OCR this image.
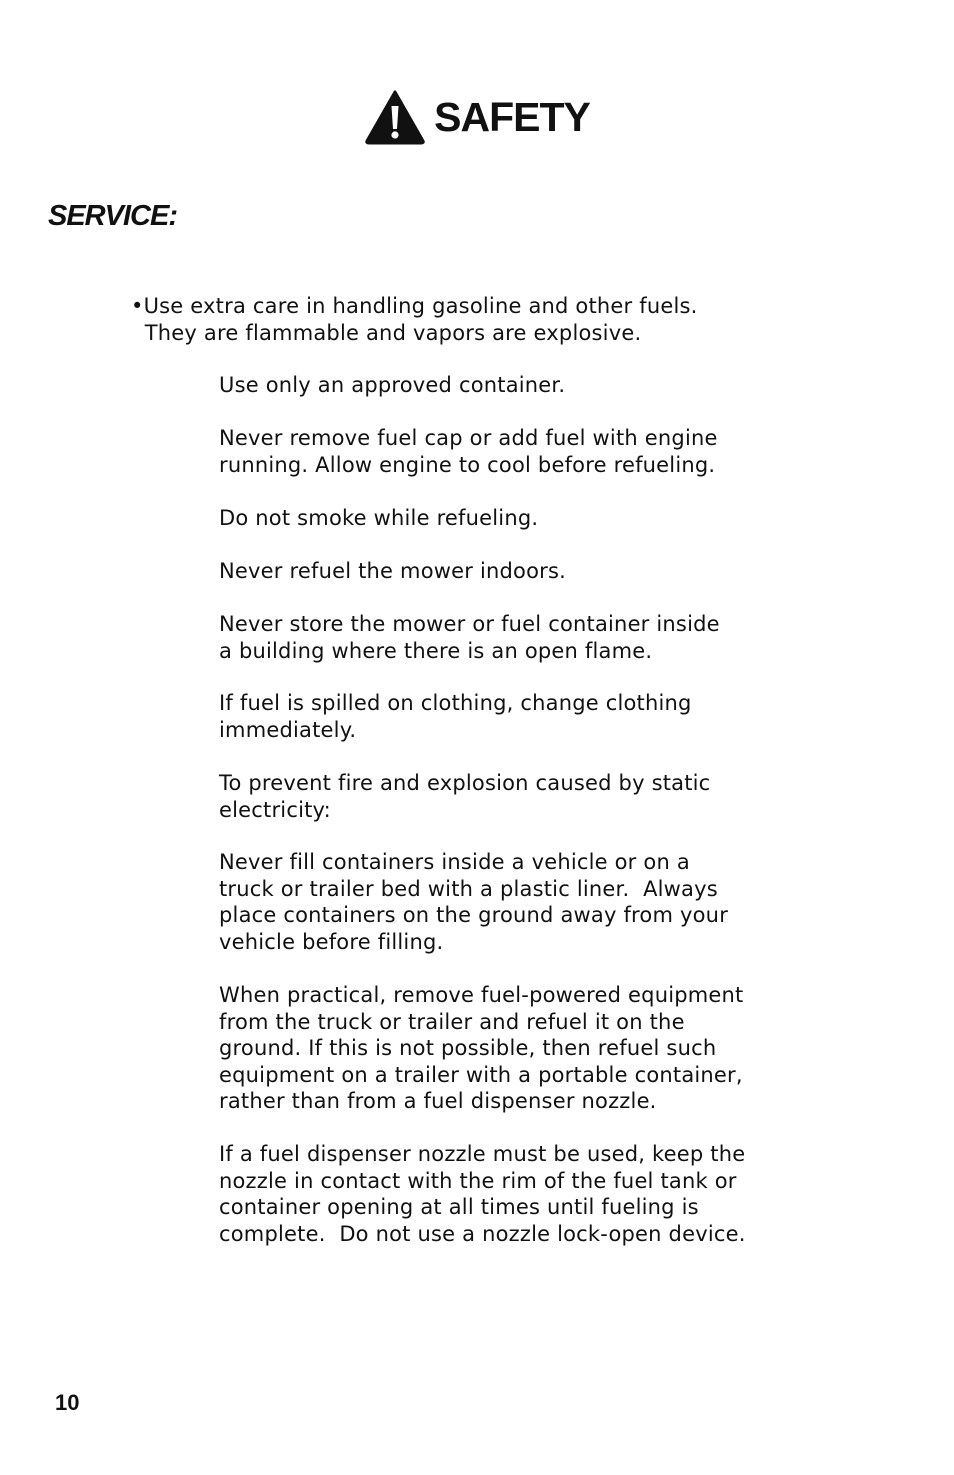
SAFETY
SERVICE:

•Use extra care in handling gasoline and other fuels.
They are flammable and vapors are explosive.

Use only an approved container.

Never remove fuel cap or add fuel with engine
running. Allow engine to cool before refueling.

Do not smoke while refueling.

Never refuel the mower indoors.

Never store the mower or fuel container inside
a building where there is an open flame.

If fuel is spilled on clothing, change clothing
immediately.

To prevent fire and explosion caused by static
electricity:

Never fill containers inside a vehicle or on a
truck or trailer bed with a plastic liner.  Always
place containers on the ground away from your
vehicle before filling.

When practical, remove fuel-powered equipment
from the truck or trailer and refuel it on the
ground. If this is not possible, then refuel such
equipment on a trailer with a portable container,
rather than from a fuel dispenser nozzle.

If a fuel dispenser nozzle must be used, keep the
nozzle in contact with the rim of the fuel tank or
container opening at all times until fueling is
complete.  Do not use a nozzle lock-open device.

10
